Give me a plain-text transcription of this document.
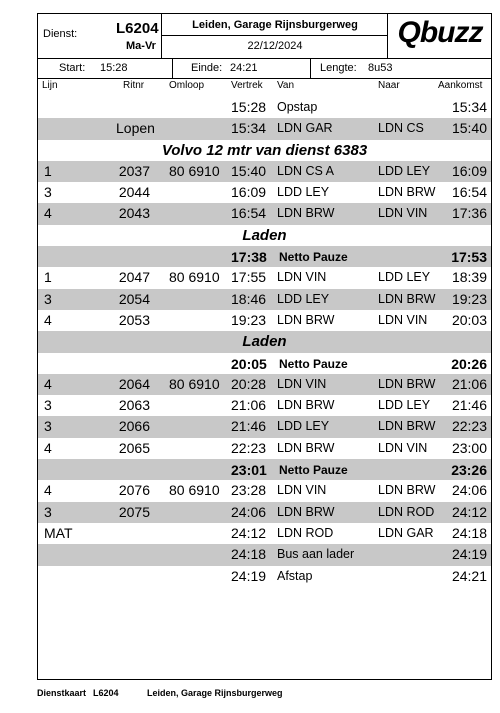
Dienst:	L6204
Ma-Vr
Leiden, Garage Rijnsburgerweg
22/12/2024	Qbuzz
Start: 15:28	Einde: 24:21	Lengte: 8u53
Lijn	Ritnr Omloop	Vertrek Van	Naar	Aankomst
15:28 Opstap	15:34
Lopen	15:34 LDN GAR	LDN CS 15:40
Volvo 12 mtr van dienst 6383
1	2037 80 6910 15:40 LDN CS A	LDD LEY 16:09
3	2044	16:09 LDD LEY	LDN BRW 16:54
4	2043	16:54 LDN BRW	LDN VIN 17:36
Laden
17:38 Netto Pauze	17:53
1	2047 80 6910 17:55 LDN VIN	LDD LEY 18:39
3	2054	18:46 LDD LEY	LDN BRW 19:23
4	2053	19:23 LDN BRW	LDN VIN 20:03
Laden
20:05 Netto Pauze	20:26
4	2064 80 6910 20:28 LDN VIN	LDN BRW 21:06
3	2063	21:06 LDN BRW	LDD LEY 21:46
3	2066	21:46 LDD LEY	LDN BRW 22:23
4	2065	22:23 LDN BRW	LDN VIN 23:00
23:01 Netto Pauze	23:26
4	2076 80 6910 23:28 LDN VIN	LDN BRW 24:06
3	2075	24:06 LDN BRW	LDN ROD 24:12
MAT	24:12 LDN ROD	LDN GAR 24:18
24:18 Bus aan lader	24:19
24:19 Afstap	24:21
Dienstkaart L6204	Leiden, Garage Rijnsburgerweg
